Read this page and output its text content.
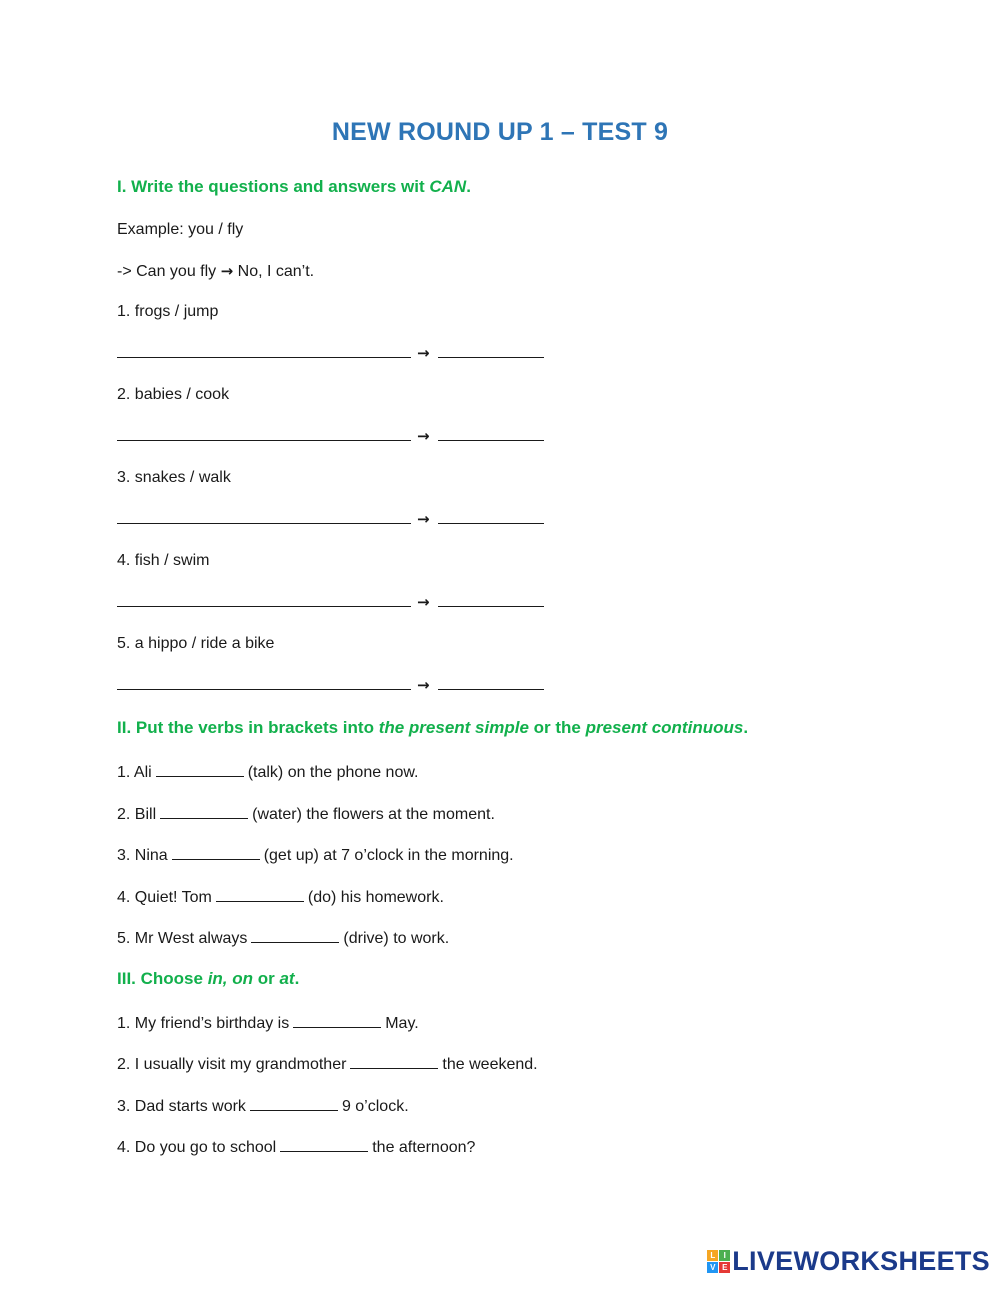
NEW ROUND UP 1 – TEST 9
I. Write the questions and answers wit CAN.
Example: you / fly
-> Can you fly → No, I can’t.
1. frogs / jump
→
2. babies / cook
→
3. snakes / walk
→
4. fish / swim
→
5. a hippo / ride a bike
→
II. Put the verbs in brackets into the present simple or the present continuous.
1. Ali	(talk) on the phone now.
2. Bill	(water) the flowers at the moment.
3. Nina	(get up) at 7 o’clock in the morning.
4. Quiet! Tom	(do) his homework.
5. Mr West always	(drive) to work.
III. Choose in, on or at.
1. My friend’s birthday is	May.
2. I usually visit my grandmother	the weekend.
3. Dad starts work	9 o’clock.
4. Do you go to school	the afternoon?
L	I
V E LIVEWORKSHEETS
